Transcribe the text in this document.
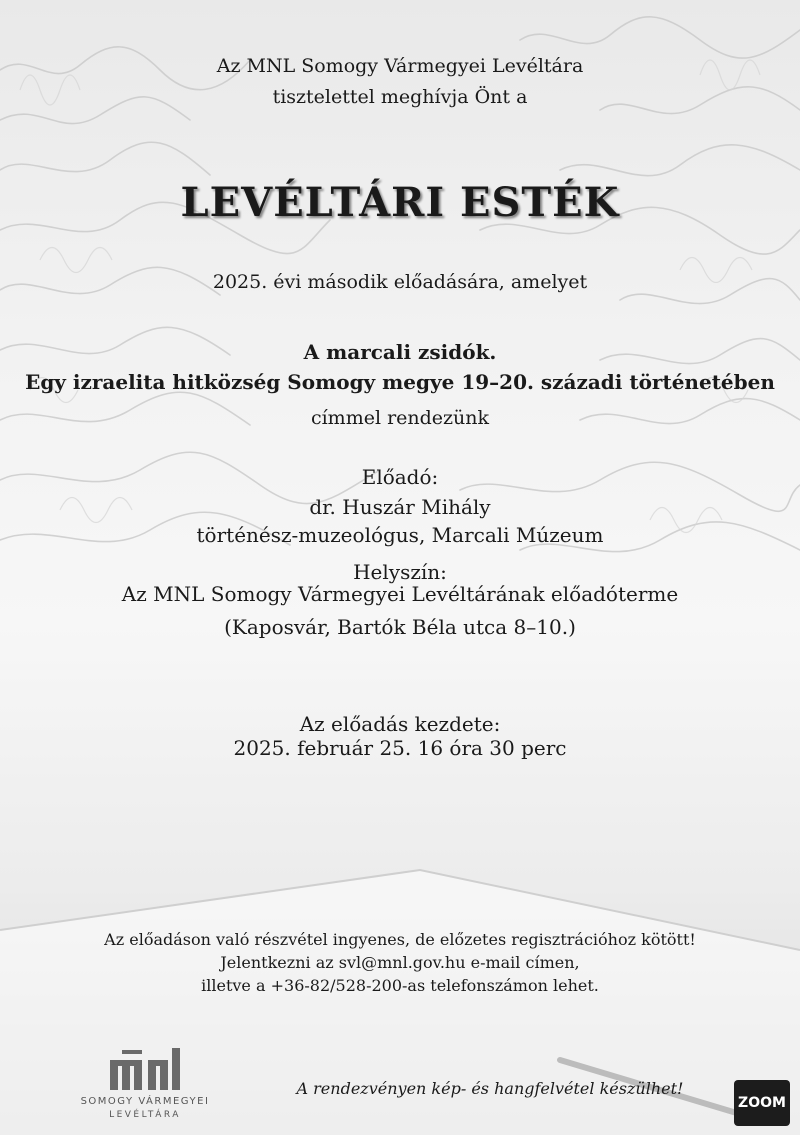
Az MNL Somogy Vármegyei Levéltára
tisztelettel meghívja Önt a
LEVÉLTÁRI ESTÉK
2025. évi második előadására, amelyet
A marcali zsidók.
Egy izraelita hitközség Somogy megye 19–20. századi történetében
címmel rendezünk
Előadó:
dr. Huszár Mihály
történész-muzeológus, Marcali Múzeum
Helyszín:
Az MNL Somogy Vármegyei Levéltárának előadóterme
(Kaposvár, Bartók Béla utca 8–10.)
Az előadás kezdete:
2025. február 25. 16 óra 30 perc
Az előadáson való részvétel ingyenes, de előzetes regisztrációhoz kötött!
Jelentkezni az svl@mnl.gov.hu e-mail címen,
illetve a +36-82/528-200-as telefonszámon lehet.
SOMOGY VÁRMEGYEI
LEVÉLTÁRA
A rendezvényen kép- és hangfelvétel készülhet!
ZOOM
